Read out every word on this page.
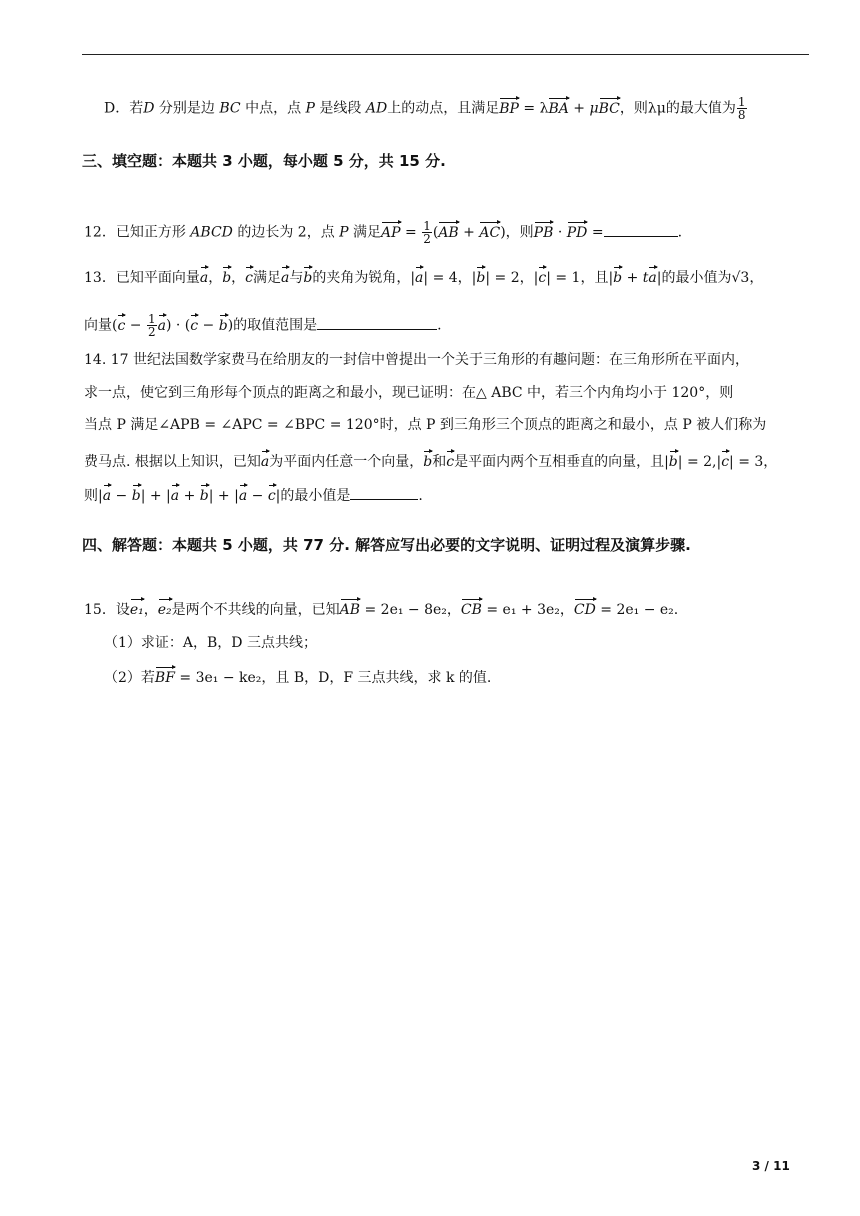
D．若D 分别是边 BC 中点，点 P 是线段 AD上的动点，且满足BP = λBA + μBC，则λμ的最大值为 $\frac{1}{8}$
三、填空题：本题共 3 小题，每小题 5 分，共 15 分.
12．已知正方形 ABCD 的边长为 2，点 P 满足AP = $\frac{1}{2} (AB + AC)$，则PB · PD =	.
13．已知平面向量a，b，c满足a与b的夹角为锐角，|a| = 4，|b| = 2，|c| = 1，且|b + ta|的最小值为√3，
向量$(c - \frac{1}{2} a) \cdot (c - b)$的取值范围是	.
14. 17 世纪法国数学家费马在给朋友的一封信中曾提出一个关于三角形的有趣问题：在三角形所在平面内，
求一点，使它到三角形每个顶点的距离之和最小，现已证明：在△ ABC 中，若三个内角均小于 120°，则
当点 P 满足∠APB = ∠APC = ∠BPC = 120°时，点 P 到三角形三个顶点的距离之和最小，点 P 被人们称为
费马点. 根据以上知识，已知a为平面内任意一个向量，b和c是平面内两个互相垂直的向量，且|b| = 2,|c| = 3，
则|a − b| + |a + b| + |a − c|的最小值是	.
四、解答题：本题共 5 小题，共 77 分. 解答应写出必要的文字说明、证明过程及演算步骤.
15．设e₁，e₂是两个不共线的向量，已知AB = 2e₁ − 8e₂，CB = e₁ + 3e₂，CD = 2e₁ − e₂.
（1）求证：A，B，D 三点共线；
（2）若BF = 3e₁ − ke₂，且 B，D，F 三点共线，求 k 的值.
3 / 11
